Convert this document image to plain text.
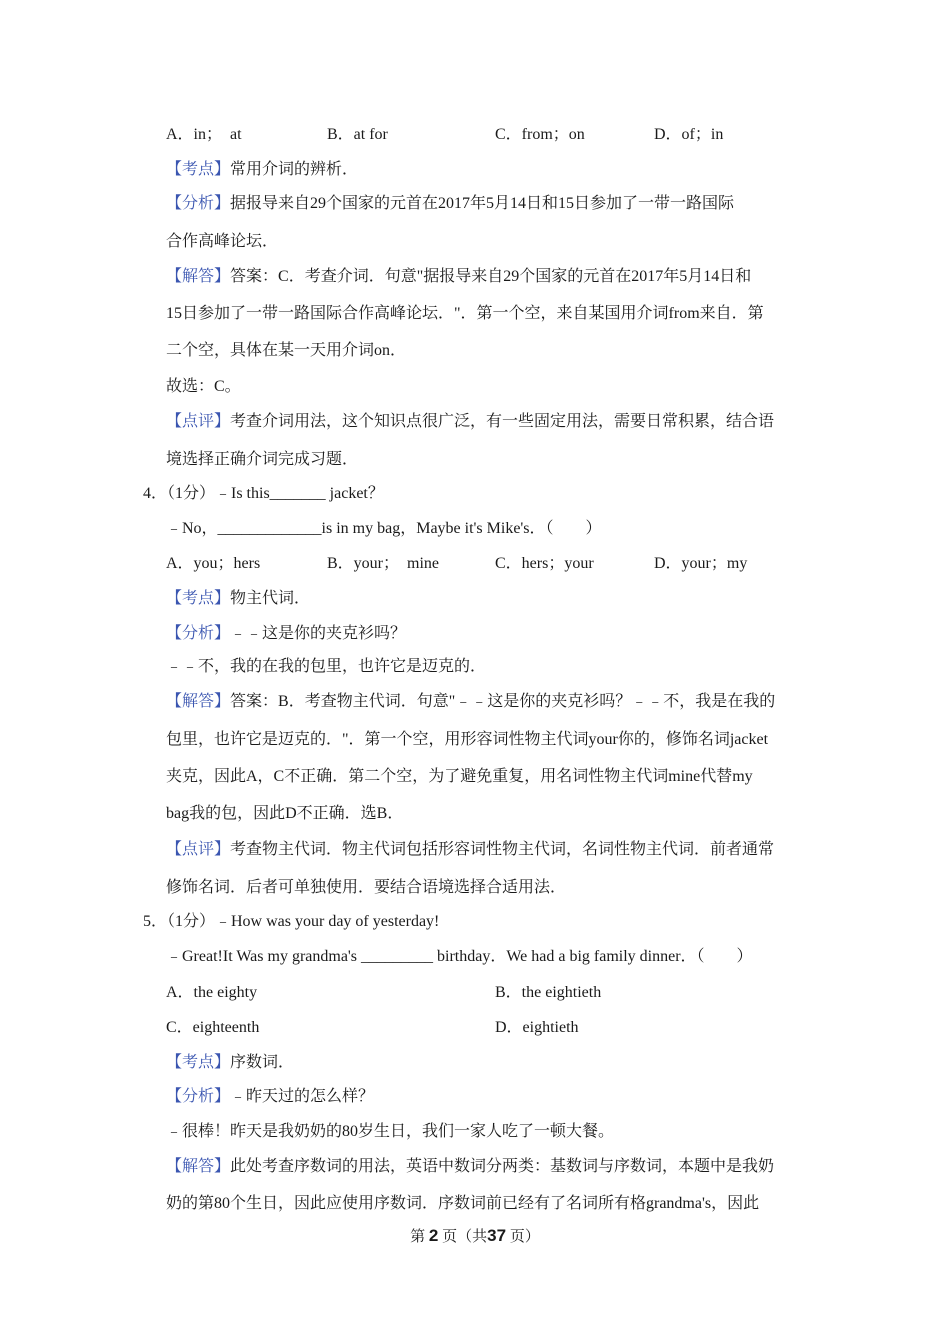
A．in；　at	B．at for	C．from；on	D．of；in
【考点】常用介词的辨析．
【分析】据报导来自29个国家的元首在2017年5月14日和15日参加了一带一路国际
合作高峰论坛．
【解答】答案：C．考查介词．句意"据报导来自29个国家的元首在2017年5月14日和
15日参加了一带一路国际合作高峰论坛．"．第一个空，来自某国用介词from来自．第
二个空，具体在某一天用介词on．
故选：C。
【点评】考查介词用法，这个知识点很广泛，有一些固定用法，需要日常积累，结合语
境选择正确介词完成习题．
4．（1分）﹣Is this_______ jacket？
﹣No，_____________is in my bag，Maybe it's Mike's．（　　）
A．you；hers	B．your；　mine	C．hers；your	D．your；my
【考点】物主代词．
【分析】﹣﹣这是你的夹克衫吗？
﹣﹣不，我的在我的包里，也许它是迈克的．
【解答】答案：B．考查物主代词．句意"﹣﹣这是你的夹克衫吗？﹣﹣不，我是在我的
包里，也许它是迈克的．"．第一个空，用形容词性物主代词your你的，修饰名词jacket
夹克，因此A，C不正确．第二个空，为了避免重复，用名词性物主代词mine代替my
bag我的包，因此D不正确．选B．
【点评】考查物主代词．物主代词包括形容词性物主代词，名词性物主代词．前者通常
修饰名词．后者可单独使用．要结合语境选择合适用法．
5．（1分）﹣How was your day of yesterday!
﹣Great!It Was my grandma's _________ birthday．We had a big family dinner．（　　）
A．the eighty	B．the eightieth
C．eighteenth	D．eightieth
【考点】序数词．
【分析】﹣昨天过的怎么样？
﹣很棒！昨天是我奶奶的80岁生日，我们一家人吃了一顿大餐。
【解答】此处考查序数词的用法，英语中数词分两类：基数词与序数词，本题中是我奶
奶的第80个生日，因此应使用序数词．序数词前已经有了名词所有格grandma's，因此
第 2 页（共37 页）
